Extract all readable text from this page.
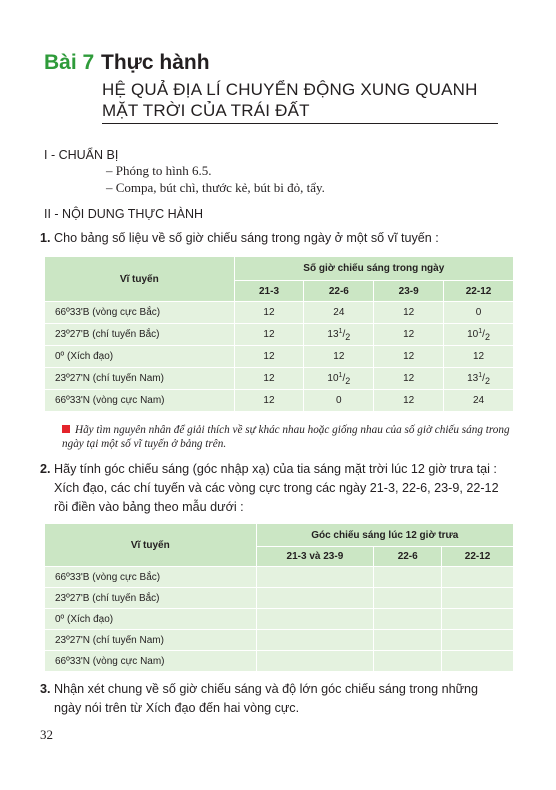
Bài 7 Thực hành
HỆ QUẢ ĐỊA LÍ CHUYỂN ĐỘNG XUNG QUANH
MẶT TRỜI CỦA TRÁI ĐẤT
I - CHUẨN BỊ
– Phóng to hình 6.5.
– Compa, bút chì, thước kẻ, bút bi đỏ, tẩy.
II - NỘI DUNG THỰC HÀNH
1. Cho bảng số liệu về số giờ chiếu sáng trong ngày ở một số vĩ tuyến :
Vĩ tuyến	Số giờ chiếu sáng trong ngày			
	21-3	22-6	23-9	22-12
66º33'B (vòng cực Bắc)	12	24	12	0
23º27'B (chí tuyến Bắc)	12	$13^1/2$	12	$10^1/2$
0º (Xích đạo)	12	12	12	12
23º27'N (chí tuyến Nam)	12	$10^1/2$	12	$13^1/2$
66º33'N (vòng cực Nam)	12	0	12	24
Hãy tìm nguyên nhân để giải thích về sự khác nhau hoặc giống nhau của số giờ chiếu sáng trong ngày tại một số vĩ tuyến ở bảng trên.
2. Hãy tính góc chiếu sáng (góc nhập xạ) của tia sáng mặt trời lúc 12 giờ trưa tại :
Xích đạo, các chí tuyến và các vòng cực trong các ngày 21-3, 22-6, 23-9, 22-12
rồi điền vào bảng theo mẫu dưới :
Vĩ tuyến	Góc chiếu sáng lúc 12 giờ trưa		
	21-3 và 23-9	22-6	22-12
66º33'B (vòng cực Bắc)			
23º27'B (chí tuyến Bắc)			
0º (Xích đạo)			
23º27'N (chí tuyến Nam)			
66º33'N (vòng cực Nam)			
3. Nhận xét chung về số giờ chiếu sáng và độ lớn góc chiếu sáng trong những
ngày nói trên từ Xích đạo đến hai vòng cực.
32
